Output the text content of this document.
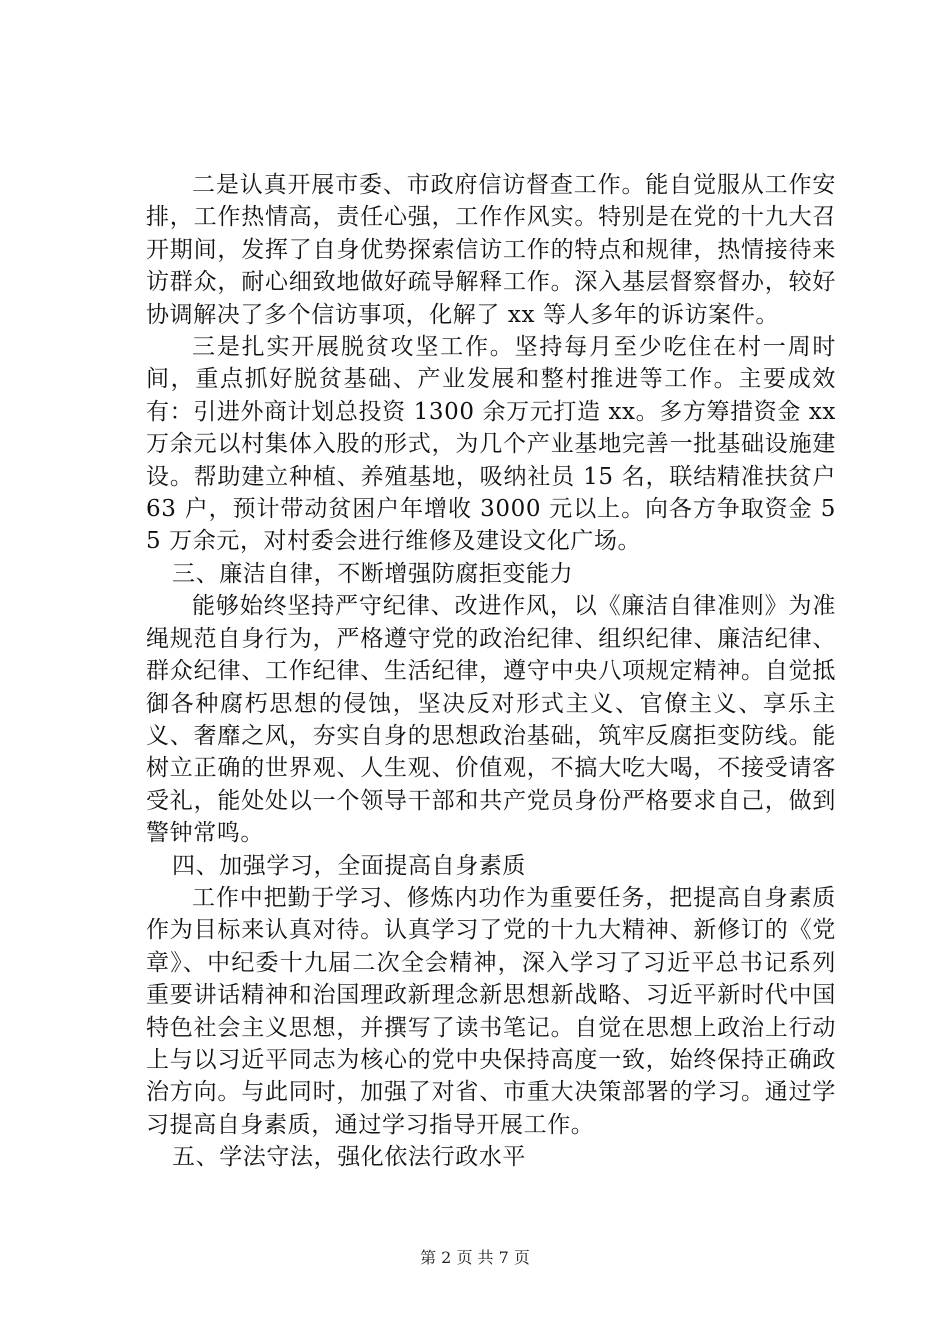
二是认真开展市委、市政府信访督查工作。能自觉服从工作安排，工作热情高，责任心强，工作作风实。特别是在党的十九大召开期间，发挥了自身优势探索信访工作的特点和规律，热情接待来访群众，耐心细致地做好疏导解释工作。深入基层督察督办，较好协调解决了多个信访事项，化解了 xx 等人多年的诉访案件。

三是扎实开展脱贫攻坚工作。坚持每月至少吃住在村一周时间，重点抓好脱贫基础、产业发展和整村推进等工作。主要成效有：引进外商计划总投资 1300 余万元打造 xx。多方筹措资金 xx 万余元以村集体入股的形式，为几个产业基地完善一批基础设施建设。帮助建立种植、养殖基地，吸纳社员 15 名，联结精准扶贫户 63 户，预计带动贫困户年增收 3000 元以上。向各方争取资金 55 万余元，对村委会进行维修及建设文化广场。

三、廉洁自律，不断增强防腐拒变能力

能够始终坚持严守纪律、改进作风，以《廉洁自律准则》为准绳规范自身行为，严格遵守党的政治纪律、组织纪律、廉洁纪律、群众纪律、工作纪律、生活纪律，遵守中央八项规定精神。自觉抵御各种腐朽思想的侵蚀，坚决反对形式主义、官僚主义、享乐主义、奢靡之风，夯实自身的思想政治基础，筑牢反腐拒变防线。能树立正确的世界观、人生观、价值观，不搞大吃大喝，不接受请客受礼，能处处以一个领导干部和共产党员身份严格要求自己，做到警钟常鸣。

四、加强学习，全面提高自身素质

工作中把勤于学习、修炼内功作为重要任务，把提高自身素质作为目标来认真对待。认真学习了党的十九大精神、新修订的《党章》、中纪委十九届二次全会精神，深入学习了习近平总书记系列重要讲话精神和治国理政新理念新思想新战略、习近平新时代中国特色社会主义思想，并撰写了读书笔记。自觉在思想上政治上行动上与以习近平同志为核心的党中央保持高度一致，始终保持正确政治方向。与此同时，加强了对省、市重大决策部署的学习。通过学习提高自身素质，通过学习指导开展工作。

五、学法守法，强化依法行政水平

第 2 页 共 7 页
